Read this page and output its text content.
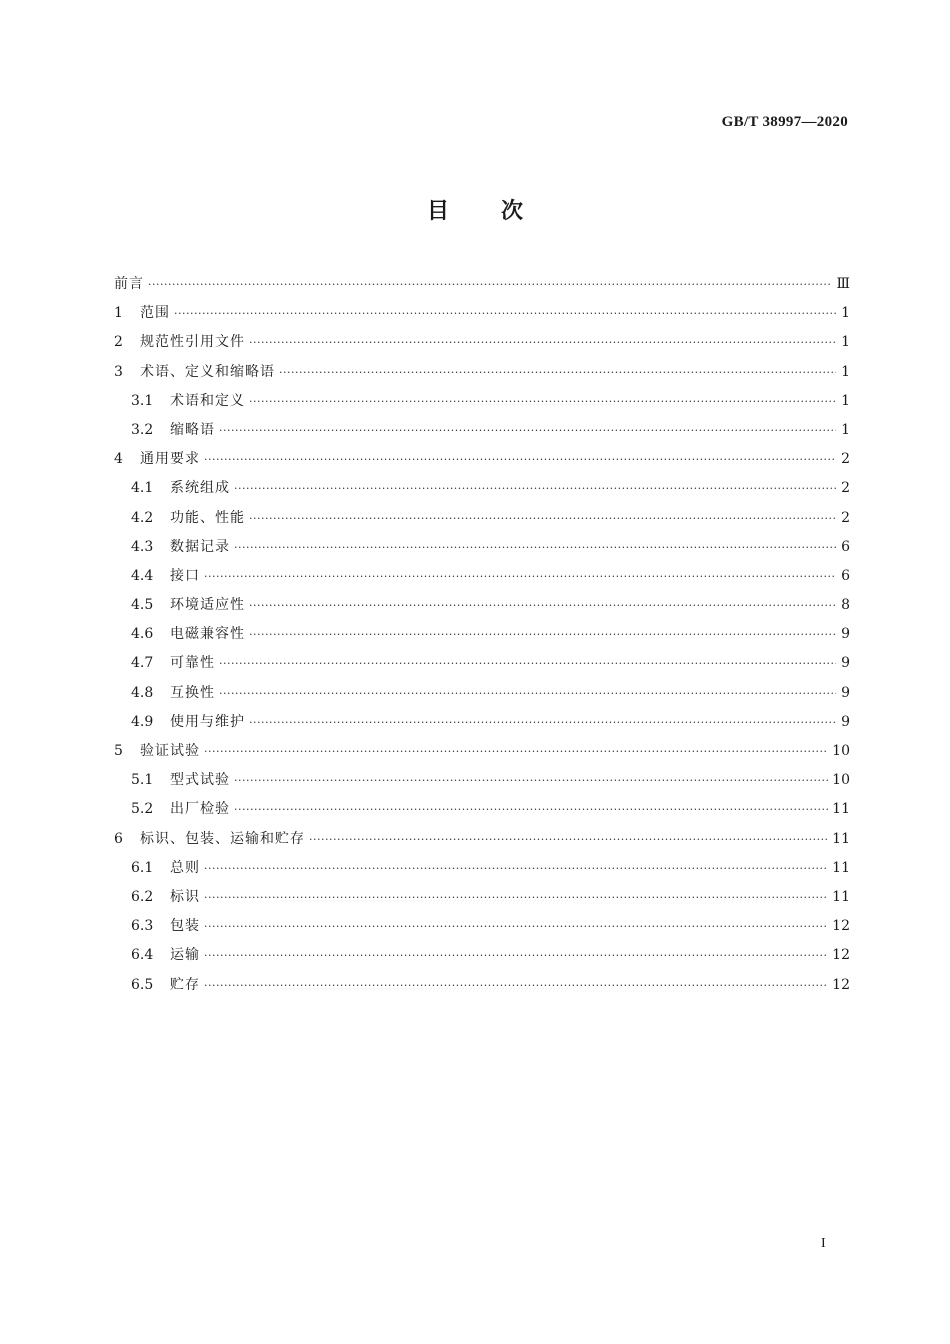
GB/T 38997—2020
目次
前言 ·····	Ⅲ
1	范围 ·····	1
2	规范性引用文件 ·····	1
3	术语、定义和缩略语 ·····	1
3.1	术语和定义 ·····	1
3.2	缩略语 ·····	1
4	通用要求 ·····	2
4.1	系统组成 ·····	2
4.2	功能、性能 ·····	2
4.3	数据记录 ·····	6
4.4	接口 ·····	6
4.5	环境适应性 ·····	8
4.6	电磁兼容性 ·····	9
4.7	可靠性 ·····	9
4.8	互换性 ·····	9
4.9	使用与维护 ·····	9
5	验证试验 ·····	10
5.1	型式试验 ·····	10
5.2	出厂检验 ·····	11
6	标识、包装、运输和贮存 ·····	11
6.1	总则 ·····	11
6.2	标识 ·····	11
6.3	包装 ·····	12
6.4	运输 ·····	12
6.5	贮存 ·····	12
I
